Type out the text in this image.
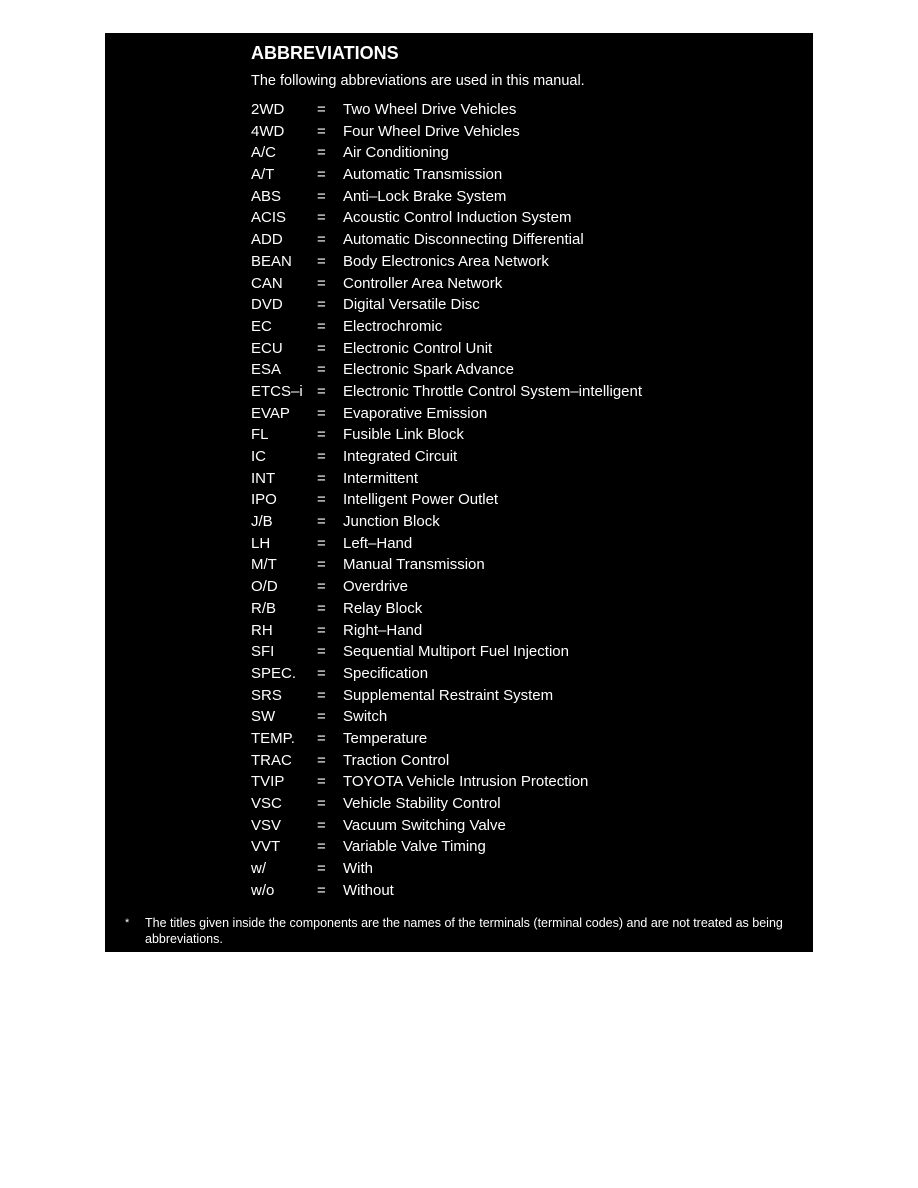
ABBREVIATIONS
The following abbreviations are used in this manual.
2WD = Two Wheel Drive Vehicles
4WD = Four Wheel Drive Vehicles
A/C	= Air Conditioning
A/T	= Automatic Transmission
ABS = Anti–Lock Brake System
ACIS = Acoustic Control Induction System
ADD = Automatic Disconnecting Differential
BEAN = Body Electronics Area Network
CAN = Controller Area Network
DVD = Digital Versatile Disc
EC	= Electrochromic
ECU = Electronic Control Unit
ESA = Electronic Spark Advance
ETCS–i = Electronic Throttle Control System–intelligent
EVAP = Evaporative Emission
FL	= Fusible Link Block
IC	= Integrated Circuit
INT	= Intermittent
IPO	= Intelligent Power Outlet
J/B	= Junction Block
LH	= Left–Hand
M/T	= Manual Transmission
O/D	= Overdrive
R/B	= Relay Block
RH	= Right–Hand
SFI	= Sequential Multiport Fuel Injection
SPEC. = Specification
SRS = Supplemental Restraint System
SW	= Switch
TEMP. = Temperature
TRAC = Traction Control
TVIP = TOYOTA Vehicle Intrusion Protection
VSC = Vehicle Stability Control
VSV = Vacuum Switching Valve
VVT = Variable Valve Timing
w/	= With
w/o	= Without
* The titles given inside the components are the names of the terminals (terminal codes) and are not treated as being abbreviations.
